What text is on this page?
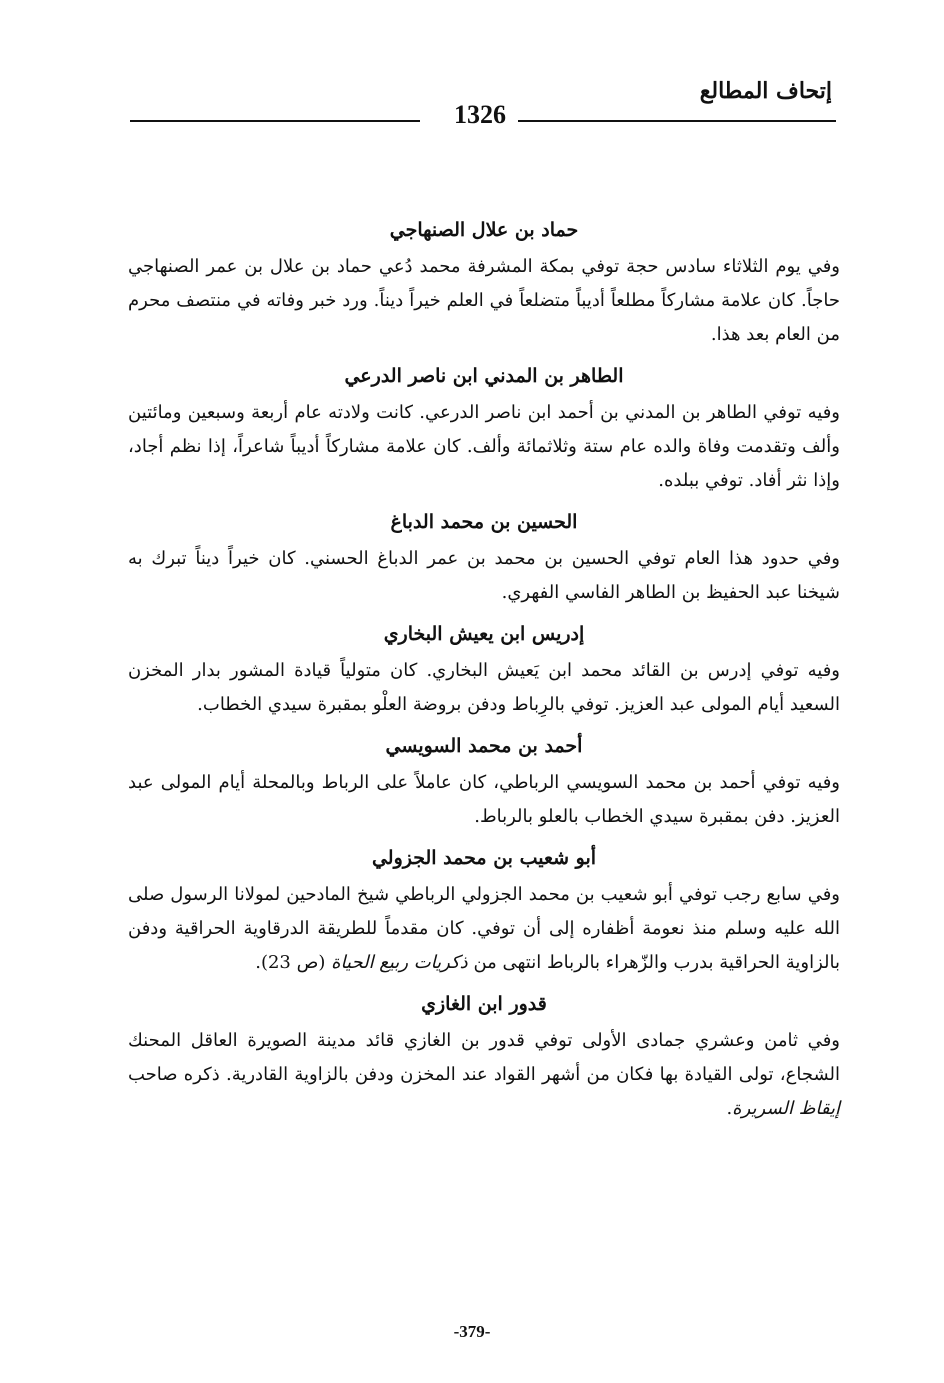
إتحاف المطالع
1326
حماد بن علال الصنهاجي

وفي يوم الثلاثاء سادس حجة توفي بمكة المشرفة محمد دُعي حماد بن علال بن عمر الصنهاجي حاجاً. كان علامة مشاركاً مطلعاً أديباً متضلعاً في العلم خيراً ديناً. ورد خبر وفاته في منتصف محرم من العام بعد هذا.

الطاهر بن المدني ابن ناصر الدرعي

وفيه توفي الطاهر بن المدني بن أحمد ابن ناصر الدرعي. كانت ولادته عام أربعة وسبعين ومائتين وألف وتقدمت وفاة والده عام ستة وثلاثمائة وألف. كان علامة مشاركاً أديباً شاعراً، إذا نظم أجاد، وإذا نثر أفاد. توفي ببلده.

الحسين بن محمد الدباغ

وفي حدود هذا العام توفي الحسين بن محمد بن عمر الدباغ الحسني. كان خيراً ديناً تبرك به شيخنا عبد الحفيظ بن الطاهر الفاسي الفهري.

إدريس ابن يعيش البخاري

وفيه توفي إدرس بن القائد محمد ابن يَعيش البخاري. كان متولياً قيادة المشور بدار المخزن السعيد أيام المولى عبد العزيز. توفي بالرِباط ودفن بروضة العلْو بمقبرة سيدي الخطاب.

أحمد بن محمد السويسي

وفيه توفي أحمد بن محمد السويسي الرباطي، كان عاملاً على الرباط وبالمحلة أيام المولى عبد العزيز. دفن بمقبرة سيدي الخطاب بالعلو بالرباط.

أبو شعيب بن محمد الجزولي

وفي سابع رجب توفي أبو شعيب بن محمد الجزولي الرباطي شيخ المادحين لمولانا الرسول صلى الله عليه وسلم منذ نعومة أظفاره إلى أن توفي. كان مقدماً للطريقة الدرقاوية الحراقية ودفن بالزاوية الحراقية بدرب والزّهراء بالرباط انتهى من ذكريات ربيع الحياة (ص 23).

قدور ابن الغازي

وفي ثامن وعشري جمادى الأولى توفي قدور بن الغازي قائد مدينة الصويرة العاقل المحنك الشجاع، تولى القيادة بها فكان من أشهر القواد عند المخزن ودفن بالزاوية القادرية. ذكره صاحب إيقاظ السريرة.

-379-
